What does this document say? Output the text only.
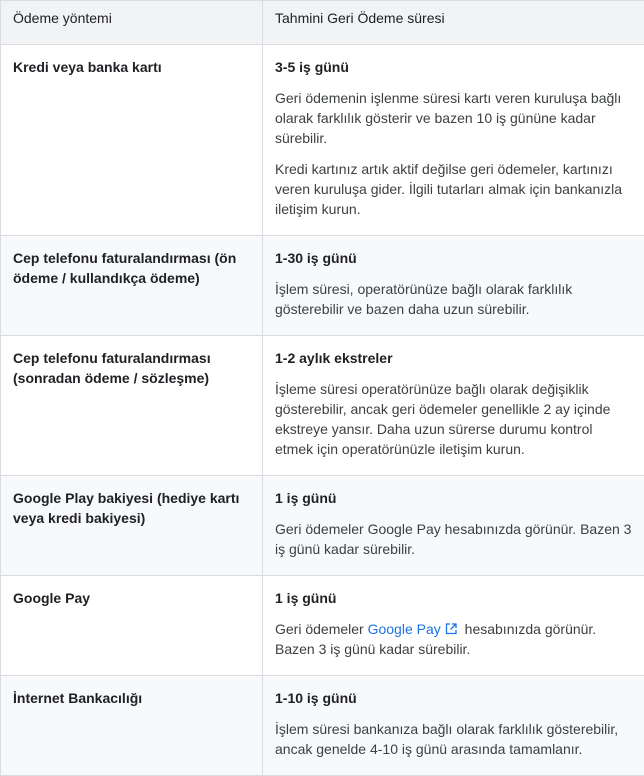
Ödeme yöntemi	Tahmini Geri Ödeme süresi
Kredi veya banka kartı	3-5 iş günü

Geri ödemenin işlenme süresi kartı veren kuruluşa bağlı olarak farklılık gösterir ve bazen 10 iş gününe kadar sürebilir.

Kredi kartınız artık aktif değilse geri ödemeler, kartınızı veren kuruluşa gider. İlgili tutarları almak için bankanızla iletişim kurun.

Cep telefonu faturalandırması (ön ödeme / kullandıkça ödeme)	1-30 iş günü

İşlem süresi, operatörünüze bağlı olarak farklılık gösterebilir ve bazen daha uzun sürebilir.

Cep telefonu faturalandırması (sonradan ödeme / sözleşme)	1-2 aylık ekstreler

İşleme süresi operatörünüze bağlı olarak değişiklik gösterebilir, ancak geri ödemeler genellikle 2 ay içinde ekstreye yansır. Daha uzun sürerse durumu kontrol etmek için operatörünüzle iletişim kurun.

Google Play bakiyesi (hediye kartı veya kredi bakiyesi)	1 iş günü

Geri ödemeler Google Pay hesabınızda görünür. Bazen 3 iş günü kadar sürebilir.

Google Pay	1 iş günü

Geri ödemeler Google Pay hesabınızda görünür. Bazen 3 iş günü kadar sürebilir.

İnternet Bankacılığı	1-10 iş günü

İşlem süresi bankanıza bağlı olarak farklılık gösterebilir, ancak genelde 4-10 iş günü arasında tamamlanır.
